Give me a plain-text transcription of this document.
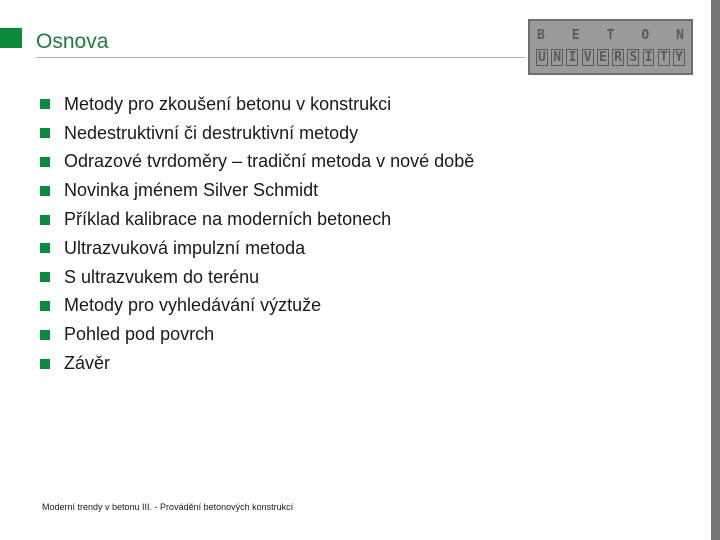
Osnova	B E T O N
U N I V E R S I T Y
Metody pro zkoušení betonu v konstrukci
Nedestruktivní či destruktivní metody
Odrazové tvrdoměry – tradiční metoda v nové době
Novinka jménem Silver Schmidt
Příklad kalibrace na moderních betonech
Ultrazvuková impulzní metoda
S ultrazvukem do terénu
Metody pro vyhledávání výztuže
Pohled pod povrch
Závěr
Moderní trendy v betonu III. - Provádění betonových konstrukcí
